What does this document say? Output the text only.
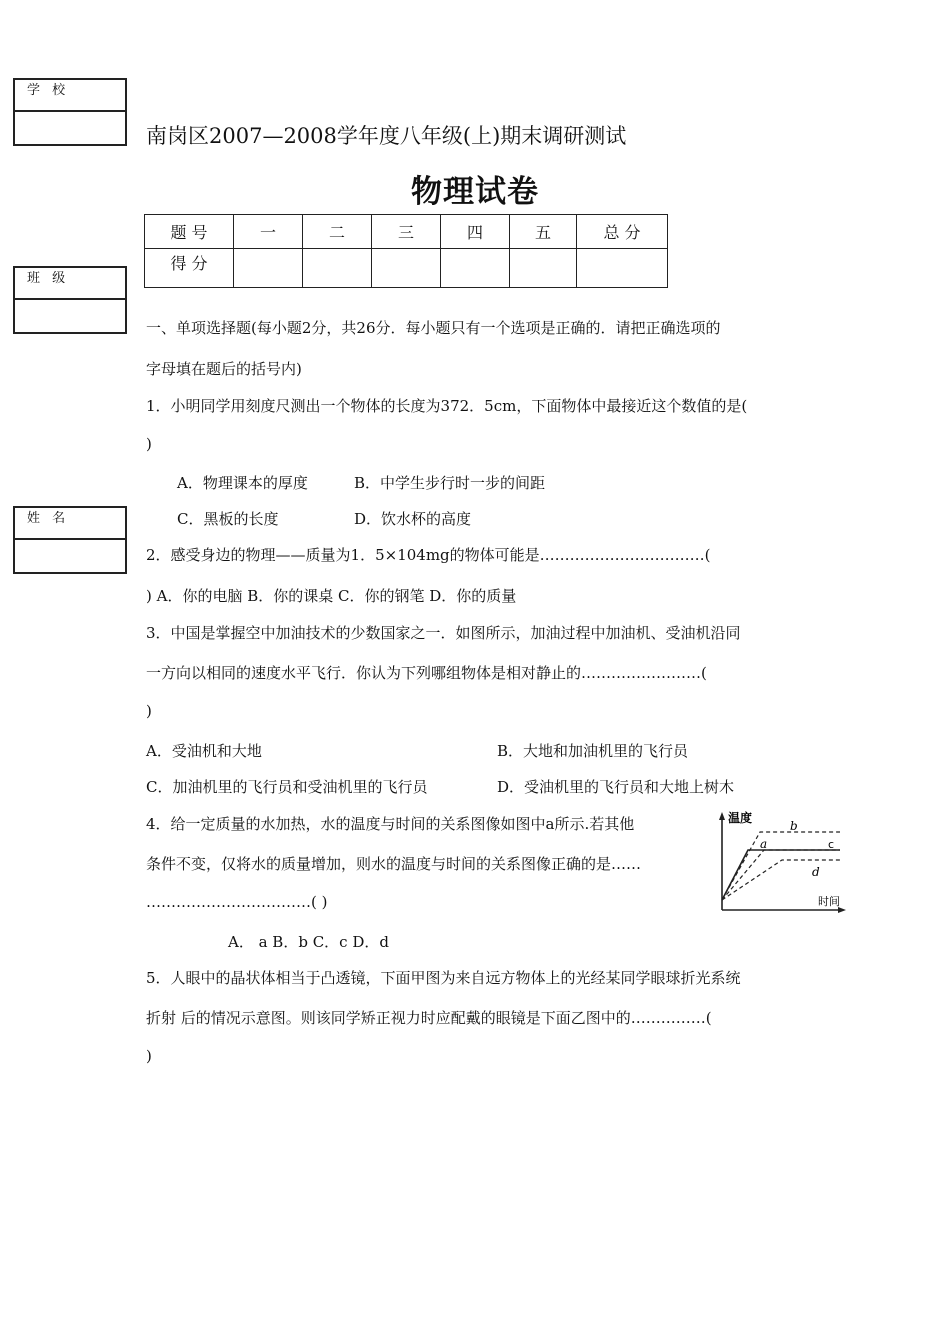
学 校
班 级
姓 名
南岗区2007—2008学年度八年级(上)期末调研测试
物理试卷
题 号	一	二	三	四	五	总 分
得 分						
一、单项选择题(每小题2分，共26分．每小题只有一个选项是正确的．请把正确选项的
字母填在题后的括号内)
1．小明同学用刻度尺测出一个物体的长度为372．5cm，下面物体中最接近这个数值的是(
)
A．物理课本的厚度	B．中学生步行时一步的间距
C．黑板的长度	D．饮水杯的高度
2．感受身边的物理——质量为1．5×104mg的物体可能是……………………………(
) A．你的电脑 B．你的课桌 C．你的钢笔 D．你的质量
3．中国是掌握空中加油技术的少数国家之一．如图所示，加油过程中加油机、受油机沿同
一方向以相同的速度水平飞行．你认为下列哪组物体是相对静止的……………………(
)
A．受油机和大地	B．大地和加油机里的飞行员
C．加油机里的飞行员和受油机里的飞行员	D．受油机里的飞行员和大地上树木
4．给一定质量的水加热，水的温度与时间的关系图像如图中a所示.若其他
条件不变，仅将水的质量增加，则水的温度与时间的关系图像正确的是……
……………………………( )
A． a B．b C．c D．d
温度
时间
a
b
c
d
5．人眼中的晶状体相当于凸透镜，下面甲图为来自远方物体上的光经某同学眼球折光系统
折射 后的情况示意图。则该同学矫正视力时应配戴的眼镜是下面乙图中的……………(
)
